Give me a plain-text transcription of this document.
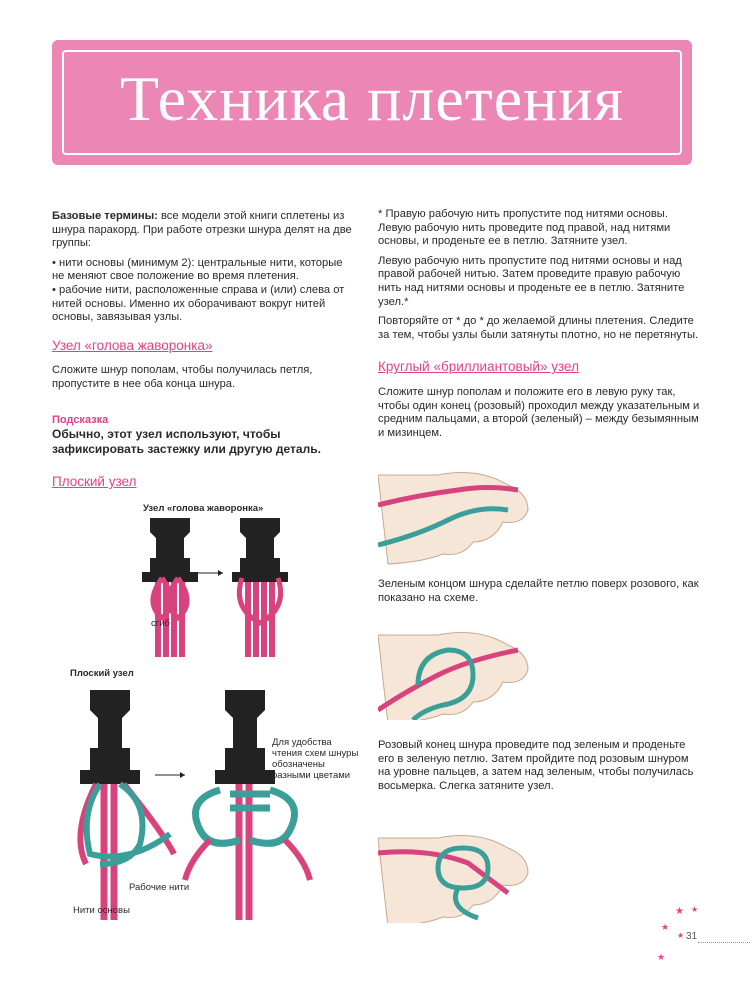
Техника плетения

Базовые термины: все модели этой книги сплетены из шнура паракорд. При работе отрезки шнура делят на две группы:

• нити основы (минимум 2): центральные нити, которые не меняют свое положение во время плетения.

• рабочие нити, расположенные справа и (или) слева от нитей основы. Именно их оборачивают вокруг нитей основы, завязывая узлы.

Узел «голова жаворонка»

Сложите шнур пополам, чтобы получилась петля, пропустите в нее оба конца шнура.

Подсказка
Обычно, этот узел используют, чтобы зафиксировать застежку или другую деталь.
Плоский узел
Узел «голова жаворонка»
сгиб
Плоский узел
Для удобства чтения схем шнуры обозначены разными цветами
Рабочие нити
Нити основы

* Правую рабочую нить пропустите под нитями основы. Левую рабочую нить проведите под правой, над нитями основы, и проденьте ее в петлю. Затяните узел.

Левую рабочую нить пропустите под нитями основы и над правой рабочей нитью. Затем проведите правую рабочую нить над нитями основы и проденьте ее в петлю. Затяните узел.*

Повторяйте от * до * до желаемой длины плетения. Следите за тем, чтобы узлы были затянуты плотно, но не перетянуты.

Круглый «бриллиантовый» узел

Сложите шнур пополам и положите его в левую руку так, чтобы один конец (розовый) проходил между указательным и средним пальцами, а второй (зеленый) – между безымянным и мизинцем.

Зеленым концом шнура сделайте петлю поверх розового, как показано на схеме.

Розовый конец шнура проведите под зеленым и проденьте его в зеленую петлю. Затем пройдите под розовым шнуром на уровне пальцев, а затем над зеленым, чтобы получилась восьмерка. Слегка затяните узел.

★ ★
★
★
★
31
